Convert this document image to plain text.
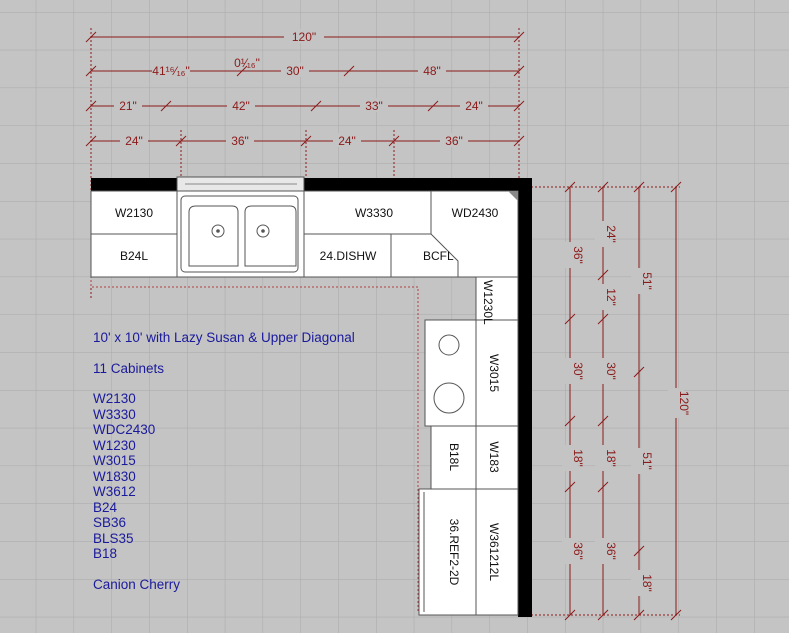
120"
41¹⁶⁄₁₆"
0¹⁄₁₆"
30"	48"
21"	42"	33"	24"
24"	36"	24"	36"
36"
30"
18"
36"
24"
12"
30"
18"
36"
51"
51"
18"
120"
W2130
B24L
W3330
24.DISHW
WD2430
BCFL
W1230L
W3015
B18L W183
36.REF2-2D W361212L
10' x 10' with Lazy Susan & Upper Diagonal
11 Cabinets
W2130
W3330
WDC2430
W1230
W3015
W1830
W3612
B24
SB36
BLS35
B18
Canion Cherry
